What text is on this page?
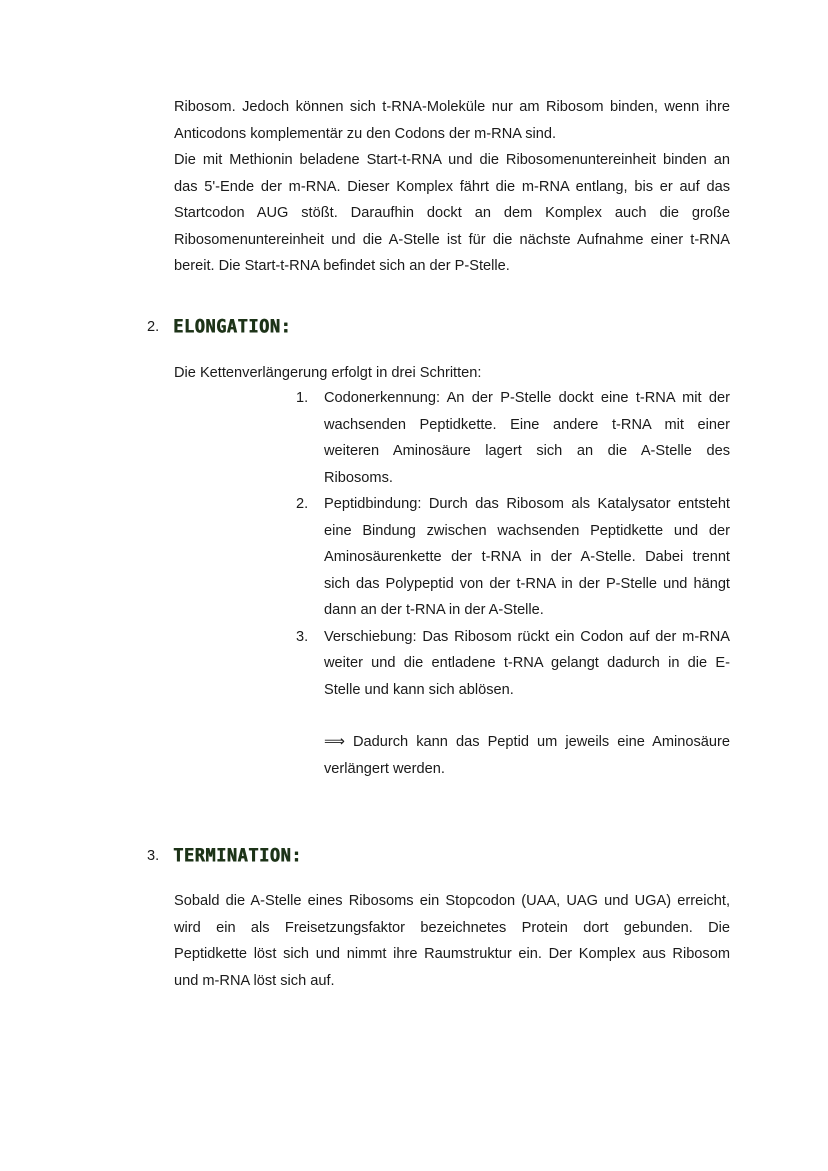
Ribosom. Jedoch können sich t-RNA-Moleküle nur am Ribosom binden, wenn ihre
Anticodons komplementär zu den Codons der m-RNA sind.
Die mit Methionin beladene Start-t-RNA und die Ribosomenuntereinheit binden an
das 5'-Ende der m-RNA. Dieser Komplex fährt die m-RNA entlang, bis er auf das
Startcodon AUG stößt. Daraufhin dockt an dem Komplex auch die große
Ribosomenuntereinheit und die A-Stelle ist für die nächste Aufnahme einer t-RNA
bereit. Die Start-t-RNA befindet sich an der P-Stelle.
2. ELONGATION:
Die Kettenverlängerung erfolgt in drei Schritten:
1. Codonerkennung: An der P-Stelle dockt eine t-RNA mit der
wachsenden Peptidkette. Eine andere t-RNA mit einer
weiteren Aminosäure lagert sich an die A-Stelle des
Ribosoms.
2. Peptidbindung: Durch das Ribosom als Katalysator entsteht
eine Bindung zwischen wachsenden Peptidkette und der
Aminosäurenkette der t-RNA in der A-Stelle. Dabei trennt
sich das Polypeptid von der t-RNA in der P-Stelle und hängt
dann an der t-RNA in der A-Stelle.
3. Verschiebung: Das Ribosom rückt ein Codon auf der m-RNA
weiter und die entladene t-RNA gelangt dadurch in die E-
Stelle und kann sich ablösen.
⟹ Dadurch kann das Peptid um jeweils eine Aminosäure
verlängert werden.
3. TERMINATION:
Sobald die A-Stelle eines Ribosoms ein Stopcodon (UAA, UAG und UGA) erreicht,
wird ein als Freisetzungsfaktor bezeichnetes Protein dort gebunden. Die
Peptidkette löst sich und nimmt ihre Raumstruktur ein. Der Komplex aus Ribosom
und m-RNA löst sich auf.
